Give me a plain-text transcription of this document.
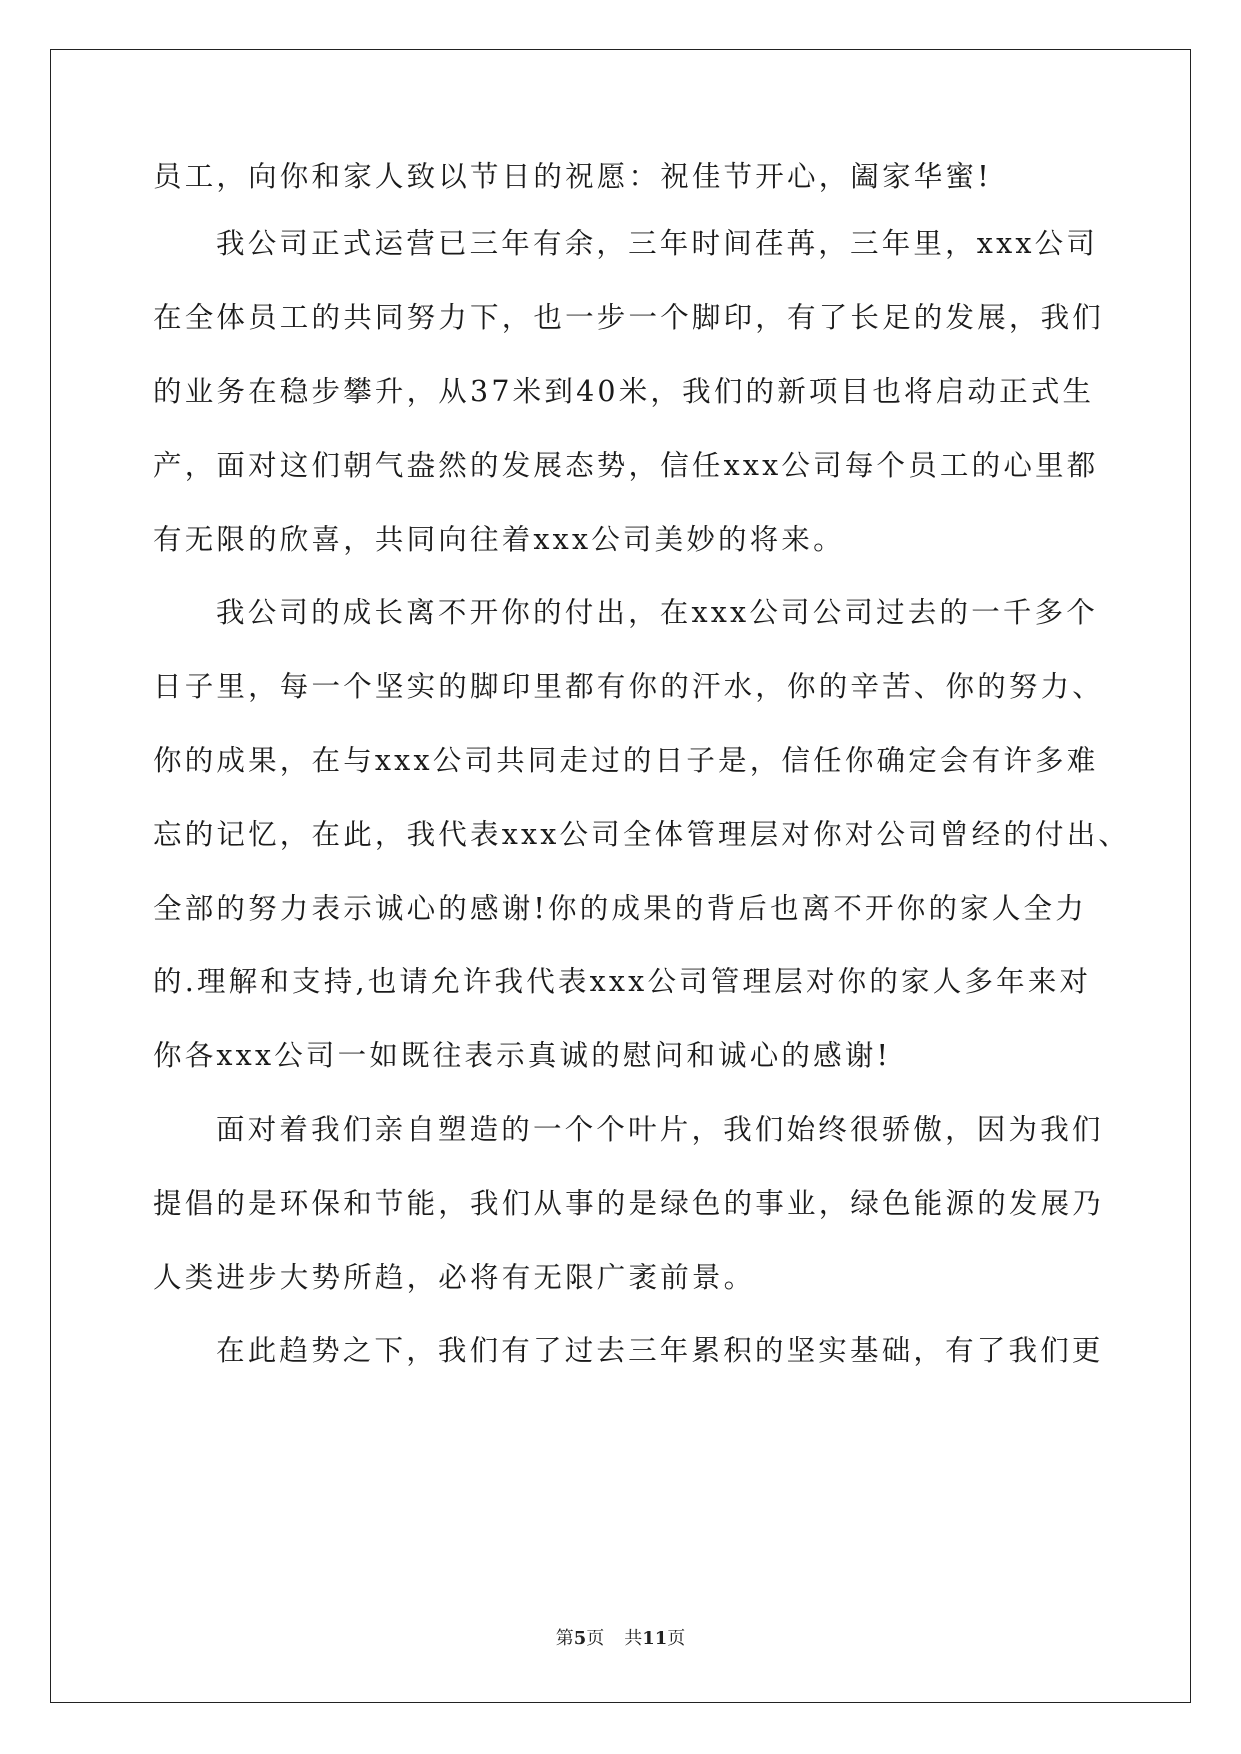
员工，向你和家人致以节日的祝愿：祝佳节开心，阖家华蜜!
我公司正式运营已三年有余，三年时间荏苒，三年里，xxx公司
在全体员工的共同努力下，也一步一个脚印，有了长足的发展，我们
的业务在稳步攀升，从37米到40米，我们的新项目也将启动正式生
产，面对这们朝气盎然的发展态势，信任xxx公司每个员工的心里都
有无限的欣喜，共同向往着xxx公司美妙的将来。
我公司的成长离不开你的付出，在xxx公司公司过去的一千多个
日子里，每一个坚实的脚印里都有你的汗水，你的辛苦、你的努力、
你的成果，在与xxx公司共同走过的日子是，信任你确定会有许多难
忘的记忆，在此，我代表xxx公司全体管理层对你对公司曾经的付出、
全部的努力表示诚心的感谢!你的成果的背后也离不开你的家人全力
的.理解和支持,也请允许我代表xxx公司管理层对你的家人多年来对
你各xxx公司一如既往表示真诚的慰问和诚心的感谢!
面对着我们亲自塑造的一个个叶片，我们始终很骄傲，因为我们
提倡的是环保和节能，我们从事的是绿色的事业，绿色能源的发展乃
人类进步大势所趋，必将有无限广袤前景。
在此趋势之下，我们有了过去三年累积的坚实基础，有了我们更
第5页 共11页
